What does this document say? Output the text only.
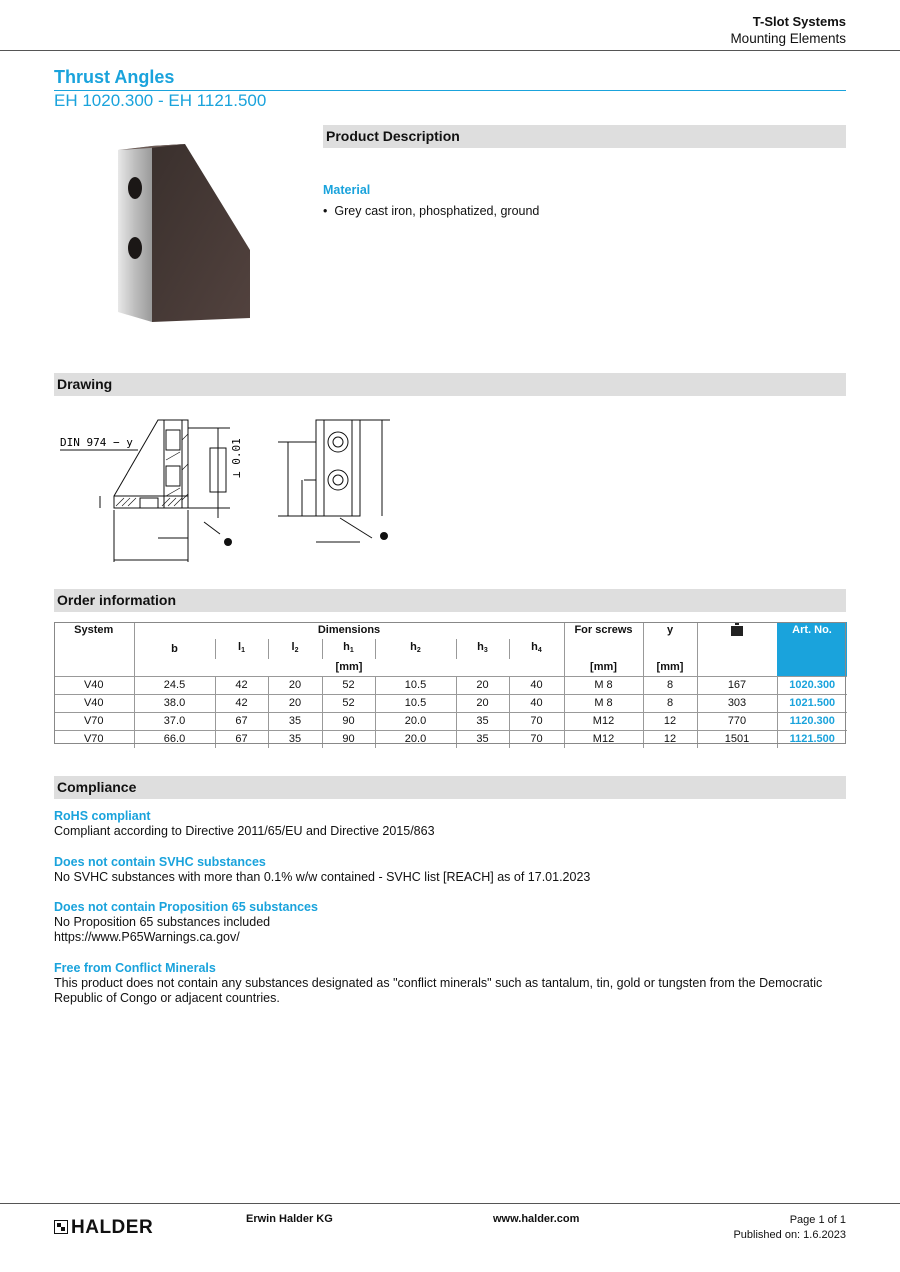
T-Slot Systems
Mounting Elements
Thrust Angles
EH 1020.300 - EH 1121.500
Product Description
Material
• Grey cast iron, phosphatized, ground
Drawing
DIN 974 − y	⊥ 0.01
Order information
System	Dimensions							For screws	y		Art. No.
	b	$l_1$	$l_2$	$h_1$	$h_2$	$h_3$	$h_4$		
	[mm]							[mm]	[mm]		
V40	24.5	42	20	52	10.5	20	40	M 8	8	167	1020.300
V40	38.0	42	20	52	10.5	20	40	M 8	8	303	1021.500
V70	37.0	67	35	90	20.0	35	70	M12	12	770	1120.300
V70	66.0	67	35	90	20.0	35	70	M12	12	1501	1121.500
Compliance
RoHS compliant
Compliant according to Directive 2011/65/EU and Directive 2015/863
Does not contain SVHC substances
No SVHC substances with more than 0.1% w/w contained - SVHC list [REACH] as of 17.01.2023
Does not contain Proposition 65 substances
No Proposition 65 substances included
https://www.P65Warnings.ca.gov/
Free from Conflict Minerals
This product does not contain any substances designated as "conflict minerals" such as tantalum, tin, gold or tungsten from the Democratic Republic of Congo or adjacent countries.
HALDER	Erwin Halder KG	www.halder.com	Page 1 of 1
Published on: 1.6.2023
